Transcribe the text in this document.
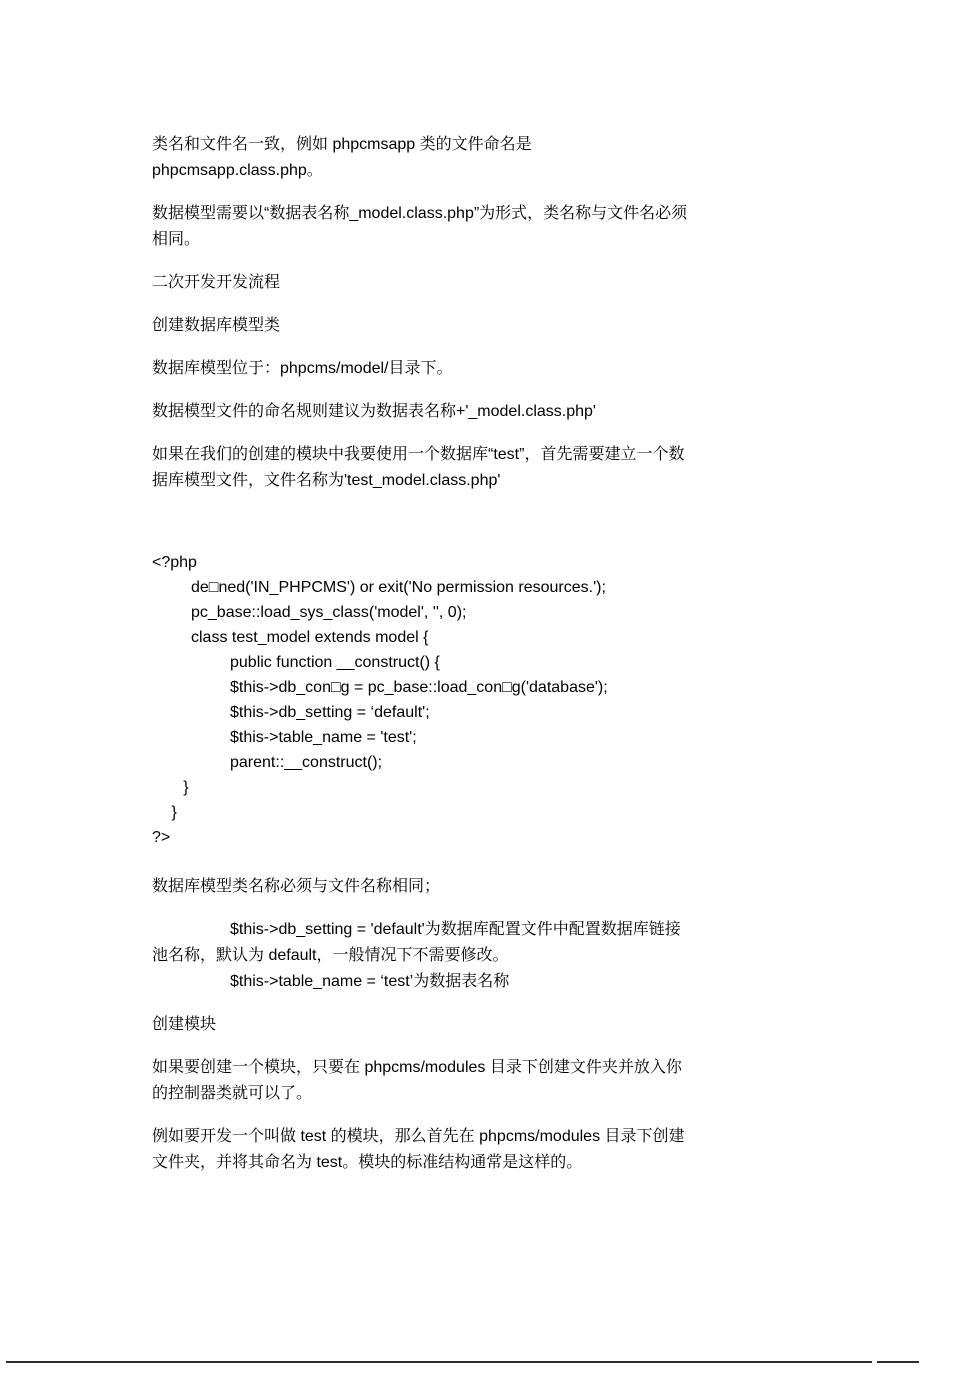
类名和文件名一致，例如 phpcmsapp 类的文件命名是
phpcmsapp.class.php。
数据模型需要以“数据表名称_model.class.php”为形式，类名称与文件名必须
相同。
二次开发开发流程
创建数据库模型类
数据库模型位于：phpcms/model/目录下。
数据模型文件的命名规则建议为数据表名称+'_model.class.php'
如果在我们的创建的模块中我要使用一个数据库“test”，首先需要建立一个数
据库模型文件，文件名称为'test_model.class.php'
<?php
de□ned('IN_PHPCMS') or exit('No permission resources.');
pc_base::load_sys_class('model', '', 0);
class test_model extends model {
public function __construct() {
$this->db_con□g = pc_base::load_con□g('database');
$this->db_setting = ‘default';
$this->table_name = 'test';
parent::__construct();
}
}
?>
数据库模型类名称必须与文件名称相同；
$this->db_setting = 'default'为数据库配置文件中配置数据库链接
池名称，默认为 default，一般情况下不需要修改。
$this->table_name = ‘test’为数据表名称
创建模块
如果要创建一个模块，只要在 phpcms/modules 目录下创建文件夹并放入你
的控制器类就可以了。
例如要开发一个叫做 test 的模块，那么首先在 phpcms/modules 目录下创建
文件夹，并将其命名为 test。模块的标准结构通常是这样的。
